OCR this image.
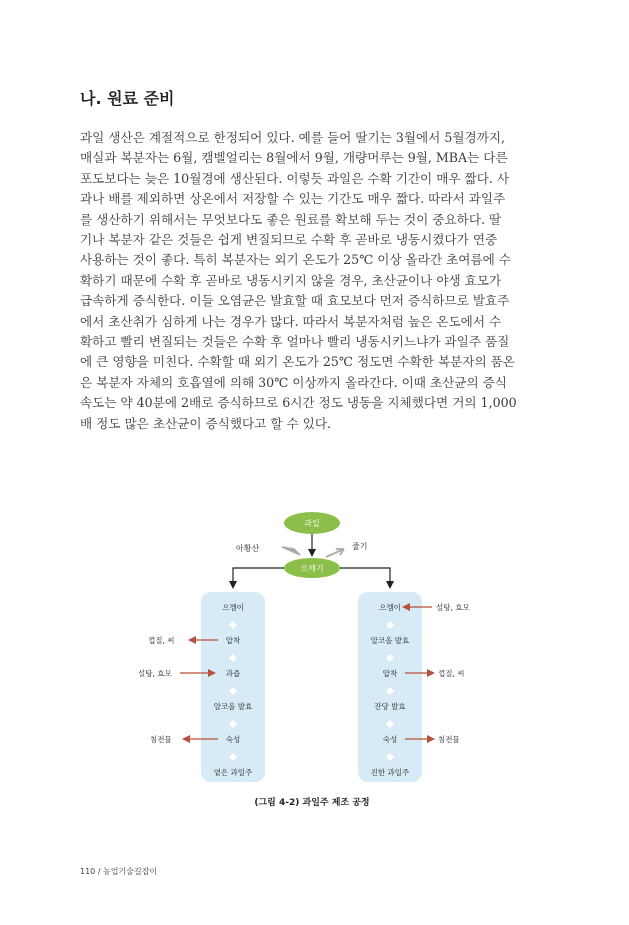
나. 원료 준비

과일 생산은 계절적으로 한정되어 있다. 예를 들어 딸기는 3월에서 5월경까지,
매실과 복분자는 6월, 캠벨얼리는 8월에서 9월, 개량머루는 9월, MBA는 다른
포도보다는 늦은 10월경에 생산된다. 이렇듯 과일은 수확 기간이 매우 짧다. 사
과나 배를 제외하면 상온에서 저장할 수 있는 기간도 매우 짧다. 따라서 과일주
를 생산하기 위해서는 무엇보다도 좋은 원료를 확보해 두는 것이 중요하다. 딸
기나 복분자 같은 것들은 쉽게 변질되므로 수확 후 곧바로 냉동시켰다가 연중
사용하는 것이 좋다. 특히 복분자는 외기 온도가 25℃ 이상 올라간 초여름에 수
확하기 때문에 수확 후 곧바로 냉동시키지 않을 경우, 초산균이나 야생 효모가
급속하게 증식한다. 이들 오염균은 발효할 때 효모보다 먼저 증식하므로 발효주
에서 초산취가 심하게 나는 경우가 많다. 따라서 복분자처럼 높은 온도에서 수
확하고 빨리 변질되는 것들은 수확 후 얼마나 빨리 냉동시키느냐가 과일주 품질
에 큰 영향을 미친다. 수확할 때 외기 온도가 25℃ 정도면 수확한 복분자의 품온
은 복분자 자체의 호흡열에 의해 30℃ 이상까지 올라간다. 이때 초산균의 증식
속도는 약 40분에 2배로 증식하므로 6시간 정도 냉동을 지체했다면 거의 1,000
배 정도 많은 초산균이 증식했다고 할 수 있다.

과일
으깨기
아황산	줄기
으깸이
압착
과즙
알코올 발효
숙성
옅은 과일주
으깸이
알코올 발효
압착
잔당 발효
숙성
진한 과일주
껍질, 씨
설탕, 효모
침전물
설탕, 효모
껍질, 씨
침전물
(그림 4-2) 과일주 제조 공정
110 / 농업기술길잡이
